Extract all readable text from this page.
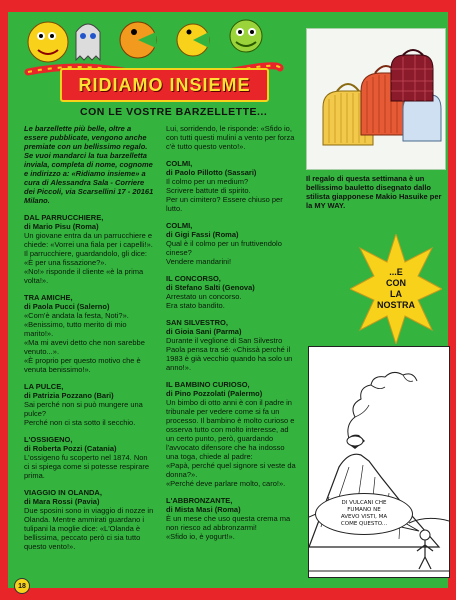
RIDIAMO INSIEME
CON LE VOSTRE BARZELLETTE...
Il regalo di questa settimana è un bellissimo bauletto disegnato dallo stilista giapponese Makio Hasuike per la MY WAY.
Le barzellette più belle, oltre a essere pubblicate, vengono anche premiate con un bellissimo regalo. Se vuoi mandarci la tua barzelletta inviala, completa di nome, cognome e indirizzo a: «Ridiamo insieme» a cura di Alessandra Sala - Corriere dei Piccoli, via Scarsellini 17 - 20161 Milano.
DAL PARRUCCHIERE,
di Mario Pisu (Roma)

Un giovane entra da un parrucchiere e chiede: «Vorrei una fiala per i capelli!».

Il parrucchiere, guardandolo, gli dice: «È per una fissazione?».

«No!» risponde il cliente «è la prima volta!».

TRA AMICHE,
di Paola Pucci (Salerno)

«Com'è andata la festa, Noti?».

«Benissimo, tutto merito di mio marito!».

«Ma mi avevi detto che non sarebbe venuto...».

«È proprio per questo motivo che è venuta benissimo!».

LA PULCE,
di Patrizia Pozzano (Bari)

Sai perché non si può mungere una pulce?

Perché non ci sta sotto il secchio.

L'OSSIGENO,
di Roberta Pozzi (Catania)

L'ossigeno fu scoperto nel 1874. Non ci si spiega come si potesse respirare prima.

VIAGGIO IN OLANDA,
di Mara Rossi (Pavia)

Due sposini sono in viaggio di nozze in Olanda. Mentre ammirati guardano i tulipani la moglie dice: «L'Olanda è bellissima, peccato però ci sia tutto questo vento!».

Lui, sorridendo, le risponde: «Sfido io, con tutti questi mulini a vento per forza c'è tutto questo vento!».
COLMI,
di Paolo Pillotto (Sassari)

Il colmo per un medium?

Scrivere battute di spirito.

Per un cimitero? Essere chiuso per lutto.

COLMI,
di Gigi Fassi (Roma)

Qual è il colmo per un fruttivendolo cinese?

Vendere mandarini!

IL CONCORSO,
di Stefano Salti (Genova)

Arrestato un concorso.

Era stato bandito.

SAN SILVESTRO,
di Gioia Sani (Parma)

Durante il veglione di San Silvestro Paola pensa tra sé: «Chissà perché il 1983 è già vecchio quando ha solo un anno!».

IL BAMBINO CURIOSO,
di Pino Pozzolati (Palermo)

Un bimbo di otto anni è con il padre in tribunale per vedere come si fa un processo. Il bambino è molto curioso e osserva tutto con molto interesse, ad un certo punto, però, guardando l'avvocato difensore che ha indosso una toga, chiede al padre:

«Papà, perché quel signore si veste da donna?».

«Perché deve parlare molto, caro!».

L'ABBRONZANTE,
di Mista Masi (Roma)

È un mese che uso questa crema ma non riesco ad abbronzarmi!

«Sfido io, è yogurt!».

...E
CON
LA
NOSTRA
DI VULCANI CHE
FUMANO NE
AVEVO VISTI, MA
COME QUESTO...
18
